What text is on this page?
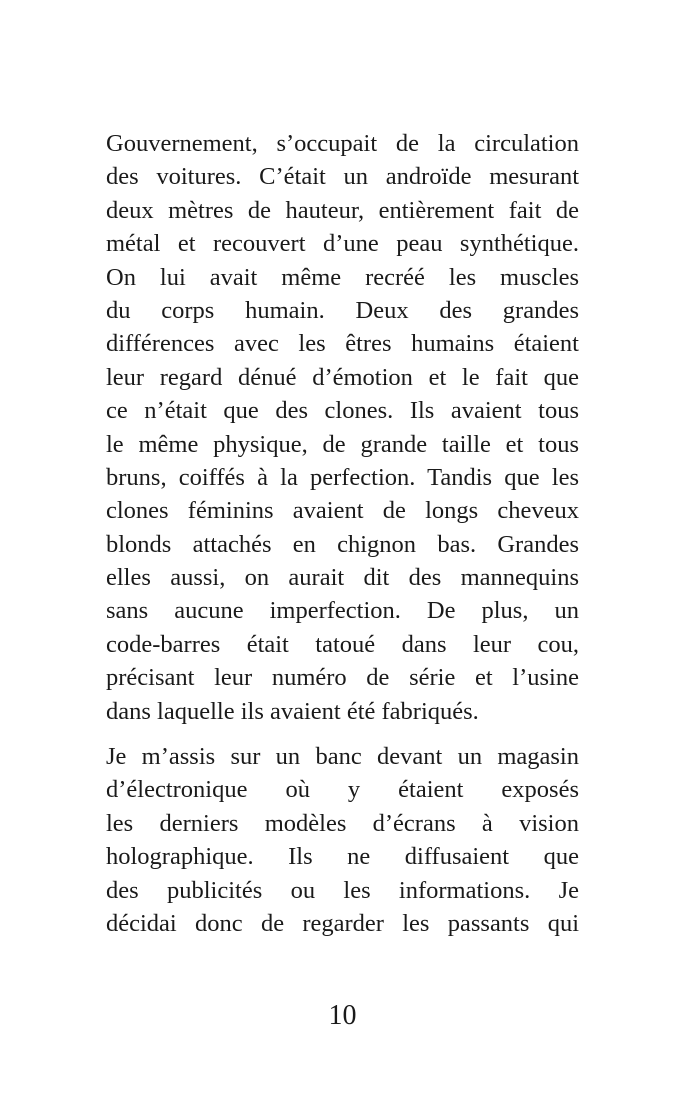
Gouvernement, s’occupait de la circulation
des voitures. C’était un androïde mesurant
deux mètres de hauteur, entièrement fait de
métal et recouvert d’une peau synthétique.
On lui avait même recréé les muscles
du corps humain. Deux des grandes
différences avec les êtres humains étaient
leur regard dénué d’émotion et le fait que
ce n’était que des clones. Ils avaient tous
le même physique, de grande taille et tous
bruns, coiffés à la perfection. Tandis que les
clones féminins avaient de longs cheveux
blonds attachés en chignon bas. Grandes
elles aussi, on aurait dit des mannequins
sans aucune imperfection. De plus, un
code-barres était tatoué dans leur cou,
précisant leur numéro de série et l’usine
dans laquelle ils avaient été fabriqués.
Je m’assis sur un banc devant un magasin
d’électronique où y étaient exposés
les derniers modèles d’écrans à vision
holographique. Ils ne diffusaient que
des publicités ou les informations. Je
décidai donc de regarder les passants qui
10
